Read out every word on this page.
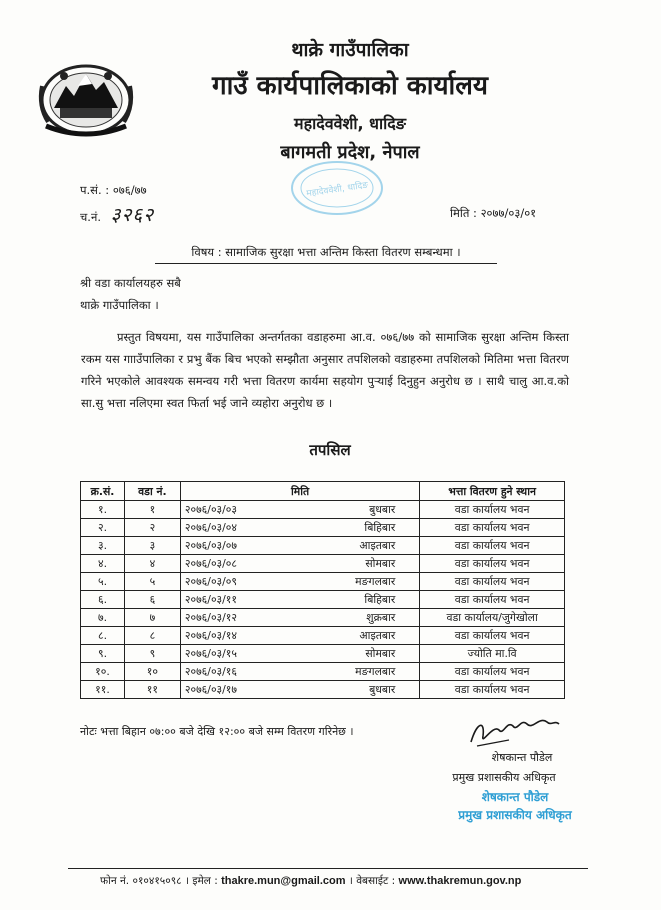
थाक्रे गाउँपालिका
गाउँ कार्यपालिकाको कार्यालय
महादेववेशी, धादिङ
बागमती प्रदेश, नेपाल
महादेववेशी, धादिङ
प.सं. : ०७६/७७
च.नं. ३२६२	मिति : २०७७/०३/०१
विषय : सामाजिक सुरक्षा भत्ता अन्तिम किस्ता वितरण सम्बन्धमा ।
श्री वडा कार्यालयहरु सबै
थाक्रे गाउँपालिका ।
प्रस्तुत विषयमा, यस गाउँपालिका अन्तर्गतका वडाहरुमा आ.व. ०७६/७७ को सामाजिक सुरक्षा अन्तिम किस्ता रकम यस गााउँपालिका र प्रभु बैंक बिच भएको सम्झौता अनुसार तपशिलको वडाहरुमा तपशिलको मितिमा भत्ता वितरण गरिने भएकोले आवश्यक समन्वय गरी भत्ता वितरण कार्यमा सहयोग पुऱ्याई दिनुहुन अनुरोध छ । साथै चालु आ.व.को सा.सु भत्ता नलिएमा स्वत फिर्ता भई जाने व्यहोरा अनुरोध छ ।
तपसिल
क्र.सं.	वडा नं.	मिति	भत्ता वितरण हुने स्थान
१.	१	२०७६/०३/०३ बुधबार	वडा कार्यालय भवन
२.	२	२०७६/०३/०४ बिहिबार	वडा कार्यालय भवन
३.	३	२०७६/०३/०७ आइतबार	वडा कार्यालय भवन
४.	४	२०७६/०३/०८ सोमबार	वडा कार्यालय भवन
५.	५	२०७६/०३/०९ मङगलबार	वडा कार्यालय भवन
६.	६	२०७६/०३/११ बिहिबार	वडा कार्यालय भवन
७.	७	२०७६/०३/१२ शुक्रबार	वडा कार्यालय/जुगेखोला
८.	८	२०७६/०३/१४ आइतबार	वडा कार्यालय भवन
९.	९	२०७६/०३/१५ सोमबार	ज्योति मा.वि
१०.	१०	२०७६/०३/१६ मङगलबार	वडा कार्यालय भवन
११.	११	२०७६/०३/१७ बुधबार	वडा कार्यालय भवन
नोटः भत्ता बिहान ०७:०० बजे देखि १२:०० बजे सम्म वितरण गरिनेछ ।
शेषकान्त पौडेल
प्रमुख प्रशासकीय अधिकृत
शेषकान्त पौडेल
प्रमुख प्रशासकीय अधिकृत
फोन नं. ०१०४१५०९८ । इमेल : thakre.mun@gmail.com । वेबसाईट : www.thakremun.gov.np
